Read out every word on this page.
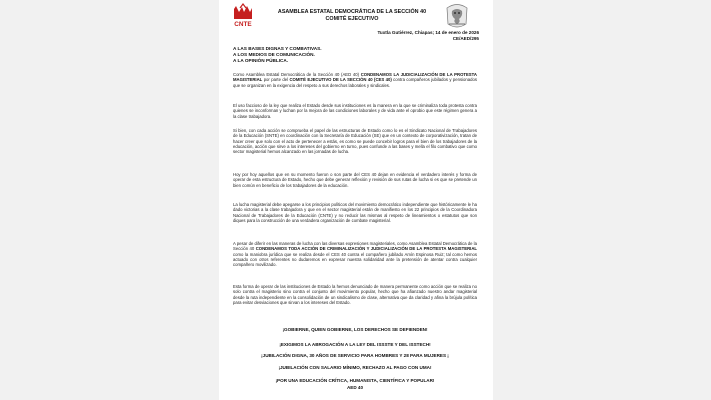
CNTE
ASAMBLEA ESTATAL DEMOCRÁTICA DE LA SECCIÓN 40
COMITÉ EJECUTIVO
Tuxtla Gutiérrez, Chiapas; 14 de enero de 2026
CE/AED/295
A LAS BASES DIGNAS Y COMBATIVAS.
A LOS MEDIOS DE COMUNICACIÓN.
A LA OPINIÓN PÚBLICA.
Como Asamblea Estatal Democrática de la Sección 40 (AED 40) CONDENAMOS LA JUDICIALIZACIÓN DE LA PROTESTA MAGISTERIAL por parte del COMITÉ EJECUTIVO DE LA SECCIÓN 40 (CES 40) contra compañeros jubilados y pensionados que se organizan en la exigencia del respeto a sus derechos laborales y sindicales.
El uso faccioso de la ley que realiza el Estado desde sus instituciones es la manera en la que se criminaliza toda protesta contra quienes se inconforman y luchan por la mejora de las condiciones laborales y de vida ante el oprobio que este régimen genera a la clase trabajadora.
Si bien, con cada acción se comprueba el papel de las estructuras de Estado como lo es el Sindicato Nacional de Trabajadores de la Educación (SNTE) en coordinación con la Secretaría de Educación (SE) que en un contexto de corporativización, tratan de hacer creer que solo con el acto de pertenecer a estás, es como se puede concebir logros para el bien de los trabajadores de la educación, acción que sirve a los intereses del gobierno en turno, pues confunde a las bases y mella el filo combativo que como sector magisterial hemos alcanzado en las jornadas de lucha.
Hoy por hoy aquellos que en su momento fueron o son parte del CES 40 dejan en evidencia el verdadero interés y forma de operar de esta estructura de Estado, hecho que debe generar reflexión y revisión de sus rutas de lucha si es que se pretende un bien común en beneficio de los trabajadores de la educación.
La lucha magisterial debe apegarse a los principios políticos del movimiento democrático independiente que históricamente le ha dado victorias a la clase trabajadora y que en el sector magisterial están de manifiesto en los 22 principios de la Coordinadora Nacional de Trabajadores de la Educación (CNTE) y no reducir las mismas al respeto de lineamientos o estatutos que son diques para la construcción de una verdadera organización de combate magisterial.
A pesar de diferir en las maneras de lucha con las diversas expresiones magisteriales, como Asamblea Estatal Democrática de la Sección 40 CONDENAMOS TODA ACCIÓN DE CRIMINALIZACIÓN Y JUDICIALIZACIÓN DE LA PROTESTA MAGISTERIAL como la maniobra jurídica que se realiza desde el CES 40 contra el compañero jubilado Amín Espinosa Ruiz; tal como hemos actuado con otros referentes no dudaremos en expresar nuestra solidaridad ante la pretensión de atentar contra cualquier compañero movilizado.
Esta forma de operar de las instituciones de Estado la hemos denunciado de manera permanente como acción que se realiza no solo contra el magisterio sino contra el conjunto del movimiento popular, hecho que ha afianzado nuestro andar magisterial desde la ruta independiente en la consolidación de un sindicalismo de clase, alternativa que da claridad y afina la brújula política para evitar desviaciones que sirvan a los intereses del Estado.
¡GOBIERNE, QUIEN GOBIERNE, LOS DERECHOS SE DEFIENDEN!
¡EXIGIMOS LA ABROGACIÓN A LA LEY DEL ISSSTE Y DEL ISSTECH!
¡JUBILACIÓN DIGNA, 30 AÑOS DE SERVICIO PARA HOMBRES Y 28 PARA MUJERES ¡
¡JUBILACIÓN CON SALARIO MÍNIMO, RECHAZO AL PAGO CON UMA!
¡POR UNA EDUCACIÓN CRÍTICA, HUMANISTA, CIENTÍFICA Y POPULAR!
AED 40
